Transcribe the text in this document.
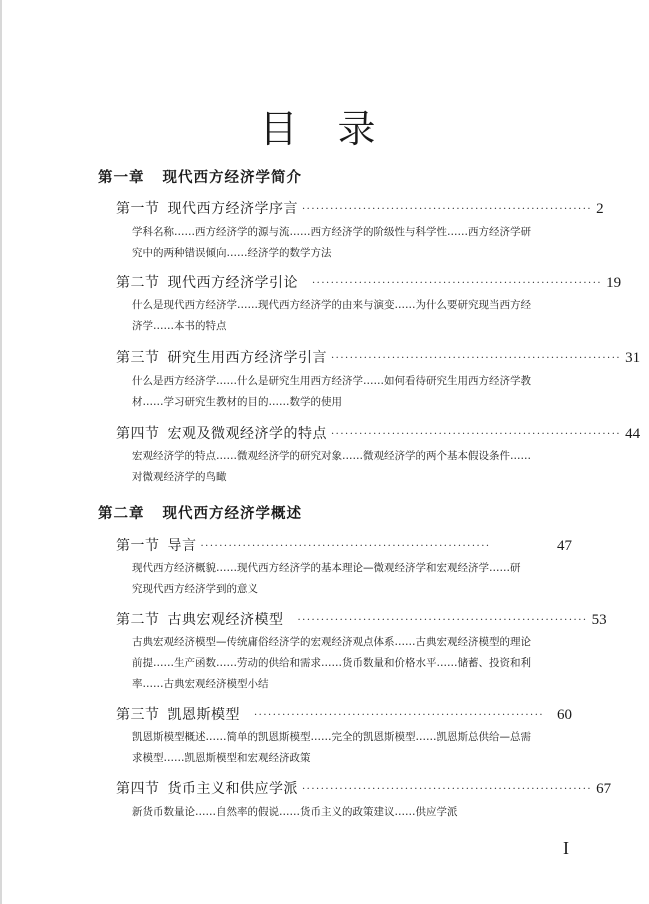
目 录
第一章 现代西方经济学简介
第一节 现代西方经济学序言 ······························································ 2
学科名称……西方经济学的源与流……西方经济学的阶级性与科学性……西方经济学研
究中的两种错误倾向……经济学的数学方法
第二节 现代西方经济学引论 ······························································ 19
什么是现代西方经济学……现代西方经济学的由来与演变……为什么要研究现当西方经
济学……本书的特点
第三节 研究生用西方经济学引言 ······························································ 31
什么是西方经济学……什么是研究生用西方经济学……如何看待研究生用西方经济学教
材……学习研究生教材的目的……数学的使用
第四节 宏观及微观经济学的特点 ······························································ 44
宏观经济学的特点……微观经济学的研究对象……微观经济学的两个基本假设条件……
对微观经济学的鸟瞰
第二章 现代西方经济学概述
第一节 导言 ······························································	47
现代西方经济概貌……现代西方经济学的基本理论—微观经济学和宏观经济学……研
究现代西方经济学到的意义
第二节 古典宏观经济模型 ······························································ 53
古典宏观经济模型—传统庸俗经济学的宏观经济观点体系……古典宏观经济模型的理论
前提……生产函数……劳动的供给和需求……货币数量和价格水平……储蓄、投资和利
率……古典宏观经济模型小结
第三节 凯恩斯模型 ······························································ 60
凯恩斯模型概述……简单的凯恩斯模型……完全的凯恩斯模型……凯恩斯总供给—总需
求模型……凯恩斯模型和宏观经济政策
第四节 货币主义和供应学派 ······························································ 67
新货币数量论……自然率的假说……货币主义的政策建议……供应学派
I
